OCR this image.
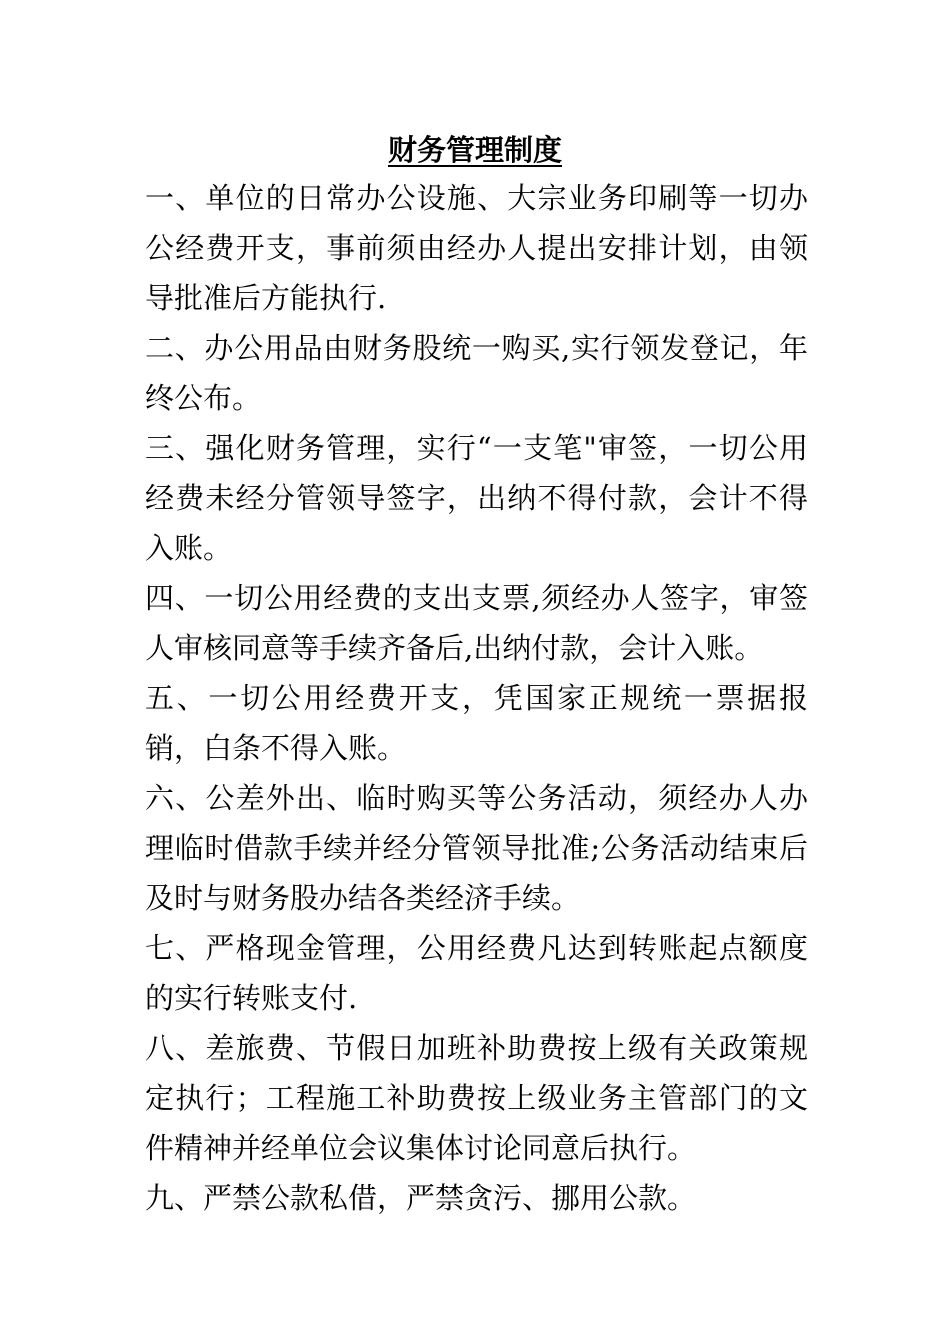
财务管理制度

一、单位的日常办公设施、大宗业务印刷等一切办公经费开支，事前须由经办人提出安排计划，由领导批准后方能执行.

二、办公用品由财务股统一购买,实行领发登记，年终公布。

三、强化财务管理，实行“一支笔"审签，一切公用经费未经分管领导签字，出纳不得付款，会计不得入账。

四、一切公用经费的支出支票,须经办人签字，审签人审核同意等手续齐备后,出纳付款，会计入账。

五、一切公用经费开支，凭国家正规统一票据报销，白条不得入账。

六、公差外出、临时购买等公务活动，须经办人办理临时借款手续并经分管领导批准;公务活动结束后及时与财务股办结各类经济手续。

七、严格现金管理，公用经费凡达到转账起点额度的实行转账支付.

八、差旅费、节假日加班补助费按上级有关政策规定执行；工程施工补助费按上级业务主管部门的文件精神并经单位会议集体讨论同意后执行。

九、严禁公款私借，严禁贪污、挪用公款。
